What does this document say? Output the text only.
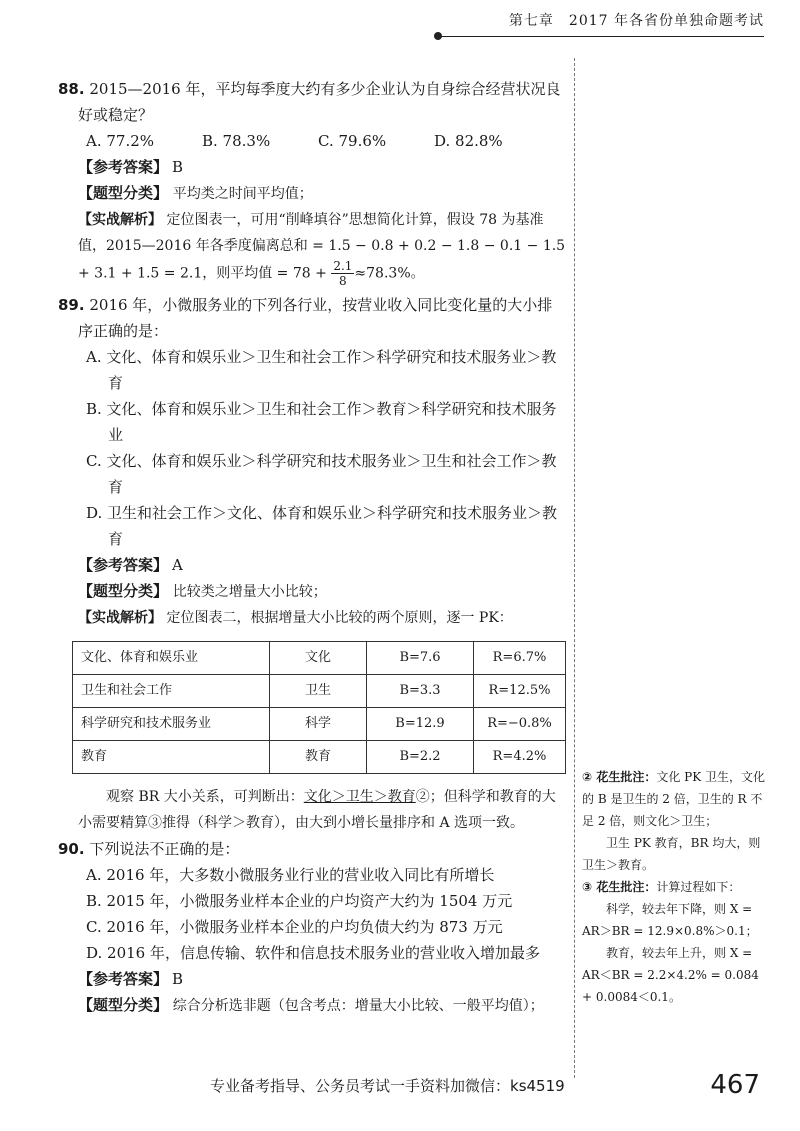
第七章　2017 年各省份单独命题考试

88. 2015—2016 年，平均每季度大约有多少企业认为自身综合经营状况良好或稳定？

A. 77.2%	B. 78.3%	C. 79.6%	D. 82.8%

【参考答案】 B

【题型分类】 平均类之时间平均值；

【实战解析】 定位图表一，可用“削峰填谷”思想简化计算，假设 78 为基准值，2015—2016 年各季度偏离总和 = 1.5 − 0.8 + 0.2 − 1.8 − 0.1 − 1.5 + 3.1 + 1.5 = 2.1，则平均值 = $78 + \frac{2.1}{8} \approx 78.3\%$。

89. 2016 年，小微服务业的下列各行业，按营业收入同比变化量的大小排序正确的是：

A. 文化、体育和娱乐业＞卫生和社会工作＞科学研究和技术服务业＞教育

B. 文化、体育和娱乐业＞卫生和社会工作＞教育＞科学研究和技术服务业

C. 文化、体育和娱乐业＞科学研究和技术服务业＞卫生和社会工作＞教育

D. 卫生和社会工作＞文化、体育和娱乐业＞科学研究和技术服务业＞教育

【参考答案】 A

【题型分类】 比较类之增量大小比较；

【实战解析】 定位图表二，根据增量大小比较的两个原则，逐一 PK：

文化、体育和娱乐业	文化	B=7.6	R=6.7%
卫生和社会工作	卫生	B=3.3	R=12.5%
科学研究和技术服务业	科学	B=12.9	R=−0.8%
教育	教育	B=2.2	R=4.2%

观察 BR 大小关系，可判断出：文化＞卫生＞教育②；但科学和教育的大小需要精算③推得（科学＞教育），由大到小增长量排序和 A 选项一致。

90. 下列说法不正确的是：

A. 2016 年，大多数小微服务业行业的营业收入同比有所增长

B. 2015 年，小微服务业样本企业的户均资产大约为 1504 万元

C. 2016 年，小微服务业样本企业的户均负债大约为 873 万元

D. 2016 年，信息传输、软件和信息技术服务业的营业收入增加最多

【参考答案】 B

【题型分类】 综合分析选非题（包含考点：增量大小比较、一般平均值）；

② 花生批注：文化 PK 卫生，文化的 B 是卫生的 2 倍，卫生的 R 不足 2 倍，则文化＞卫生；

卫生 PK 教育，BR 均大，则卫生＞教育。

③ 花生批注：计算过程如下：

科学，较去年下降，则 X = AR＞BR = 12.9×0.8%＞0.1；

教育，较去年上升，则 X = AR＜BR = 2.2×4.2% = 0.084 + 0.0084＜0.1。

专业备考指导、公务员考试一手资料加微信：ks4519	467
